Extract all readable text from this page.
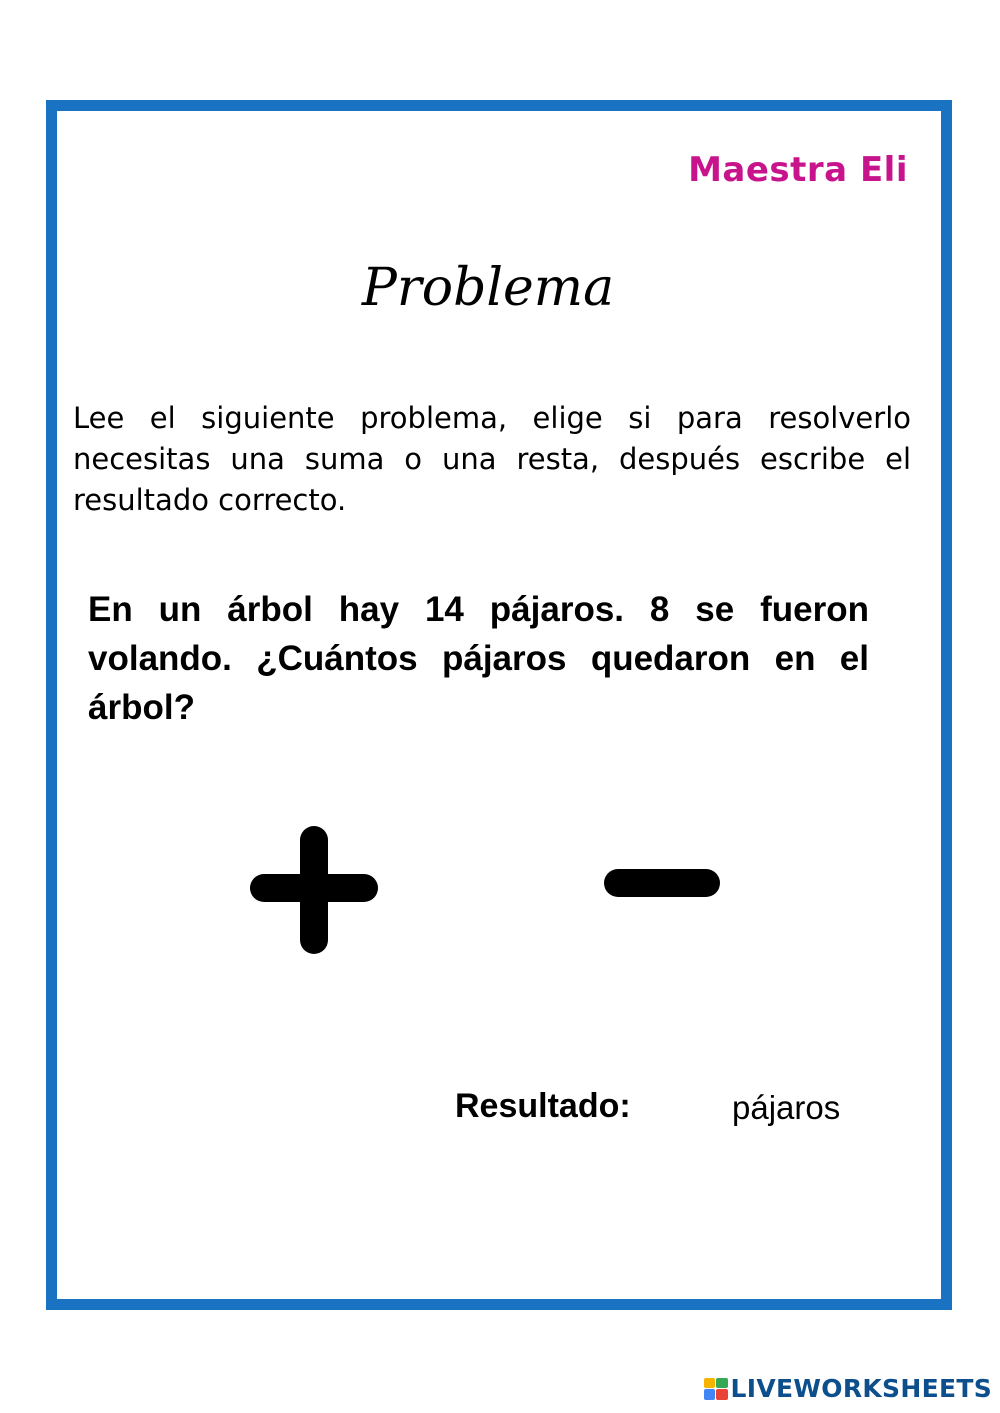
Maestra Eli
Problema
Lee el siguiente problema, elige si para resolverlo necesitas una suma o una resta, después escribe el resultado correcto.
En un árbol hay 14 pájaros. 8 se fueron volando. ¿Cuántos pájaros quedaron en el árbol?
Resultado:	pájaros
LIVEWORKSHEETS
